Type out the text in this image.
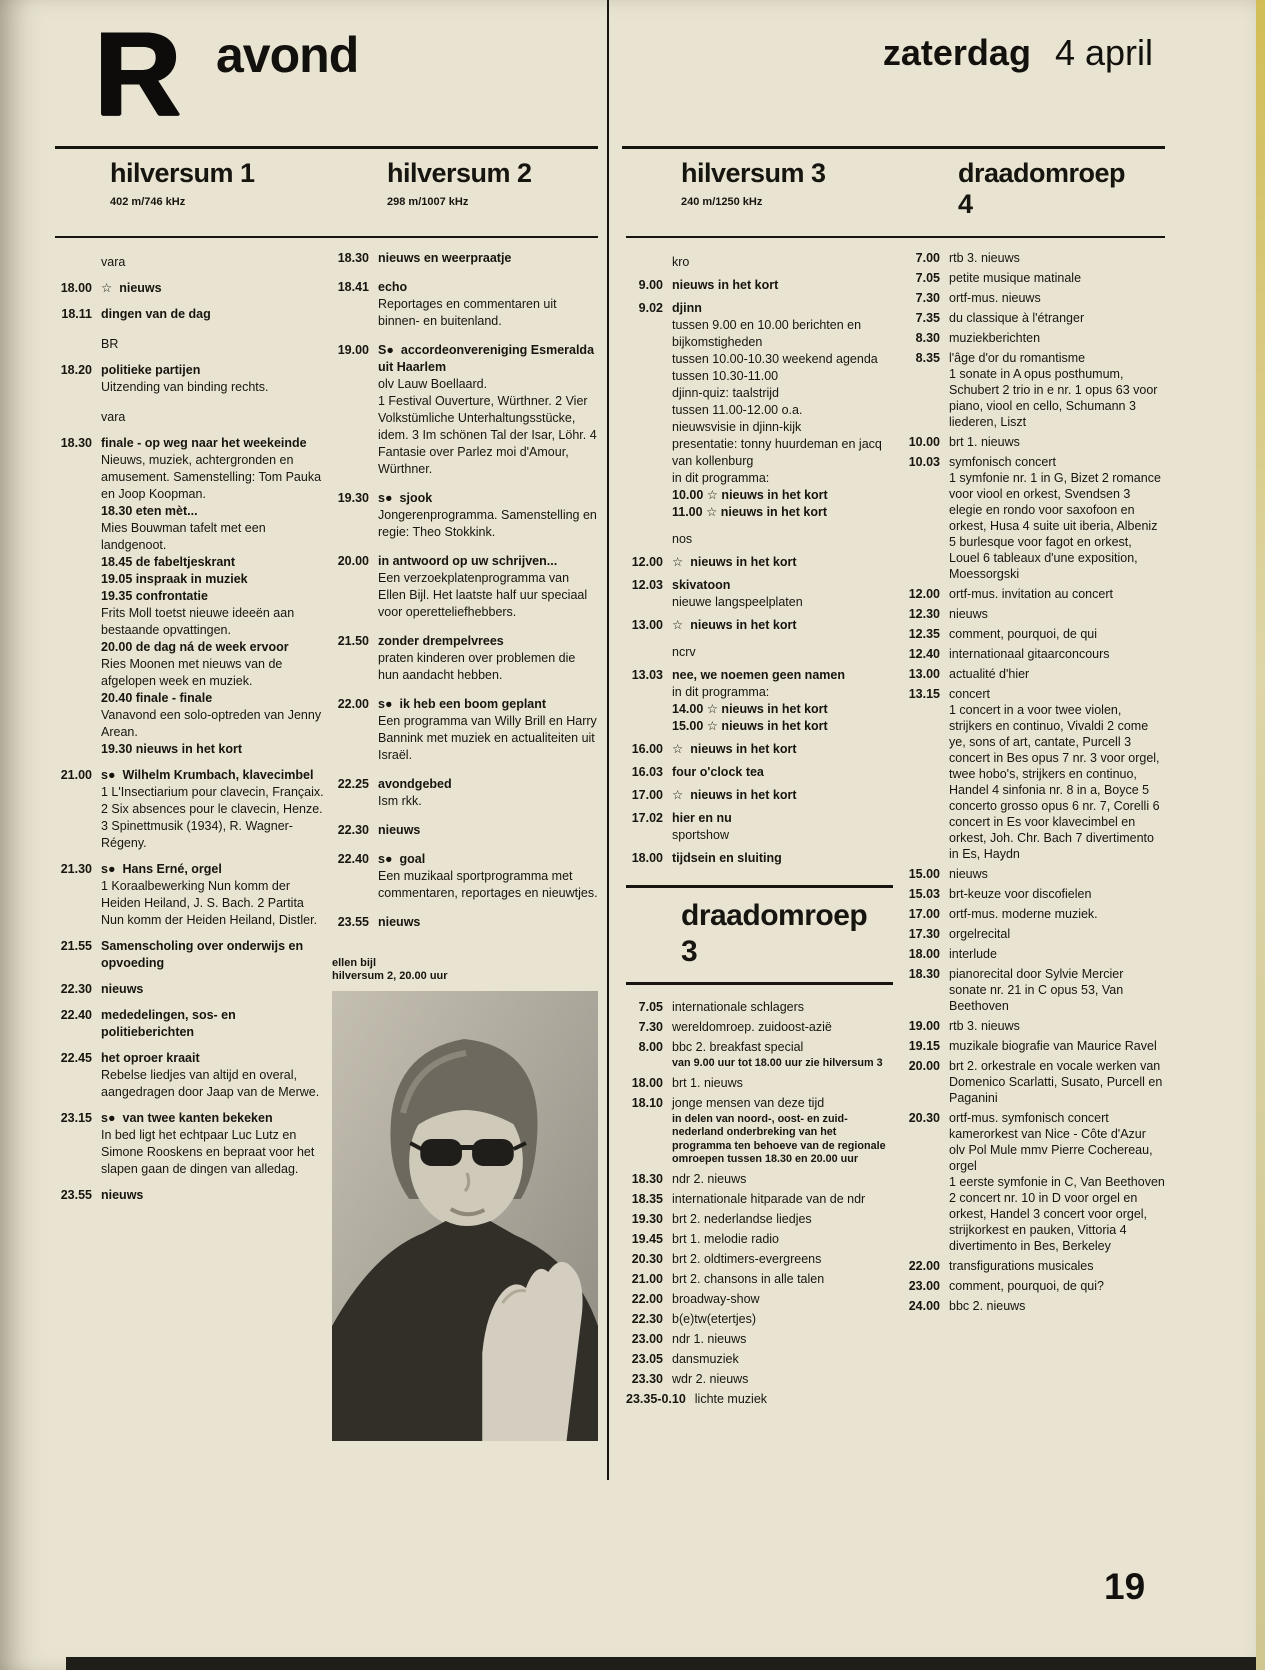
R avond	zaterdag 4 april
hilversum 1
402 m/746 kHz
vara
18.00 ☆ nieuws
18.11 dingen van de dag
BR
18.20 politieke partijen
Uitzending van binding rechts.
vara
18.30 finale - op weg naar het weekeinde
Nieuws, muziek, achtergronden en amusement. Samenstelling: Tom Pauka en Joop Koopman.
18.30 eten mèt...
Mies Bouwman tafelt met een landgenoot.
18.45 de fabeltjeskrant
19.05 inspraak in muziek
19.35 confrontatie
Frits Moll toetst nieuwe ideeën aan bestaande opvattingen.
20.00 de dag ná de week ervoor
Ries Moonen met nieuws van de afgelopen week en muziek.
20.40 finale - finale
Vanavond een solo-optreden van Jenny Arean.
19.30 nieuws in het kort
21.00 s● Wilhelm Krumbach, klavecimbel
1 L'Insectiarium pour clavecin, Françaix. 2 Six absences pour le clavecin, Henze. 3 Spinettmusik (1934), R. Wagner-Régeny.
21.30 s● Hans Erné, orgel
1 Koraalbewerking Nun komm der Heiden Heiland, J. S. Bach. 2 Partita Nun komm der Heiden Heiland, Distler.
21.55 Samenscholing over onderwijs en opvoeding
22.30 nieuws
22.40 mededelingen, sos- en politieberichten
22.45 het oproer kraait
Rebelse liedjes van altijd en overal, aangedragen door Jaap van de Merwe.
23.15 s● van twee kanten bekeken
In bed ligt het echtpaar Luc Lutz en Simone Rooskens en bepraat voor het slapen gaan de dingen van alledag.
23.55 nieuws
hilversum 2
298 m/1007 kHz
18.30 nieuws en weerpraatje
18.41 echo
Reportages en commentaren uit binnen- en buitenland.
19.00 S● accordeonvereniging Esmeralda uit Haarlem
olv Lauw Boellaard.
1 Festival Ouverture, Würthner. 2 Vier Volkstümliche Unterhaltungsstücke, idem. 3 Im schönen Tal der Isar, Löhr. 4 Fantasie over Parlez moi d'Amour, Würthner.
19.30 s● sjook
Jongerenprogramma. Samenstelling en regie: Theo Stokkink.
20.00 in antwoord op uw schrijven...
Een verzoekplatenprogramma van Ellen Bijl. Het laatste half uur speciaal voor operetteliefhebbers.
21.50 zonder drempelvrees
praten kinderen over problemen die hun aandacht hebben.
22.00 s● ik heb een boom geplant
Een programma van Willy Brill en Harry Bannink met muziek en actualiteiten uit Israël.
22.25 avondgebed
Ism rkk.
22.30 nieuws
22.40 s● goal
Een muzikaal sportprogramma met commentaren, reportages en nieuwtjes.
23.55 nieuws
ellen bijl
hilversum 2, 20.00 uur
hilversum 3
240 m/1250 kHz
kro
9.00 nieuws in het kort
9.02 djinn
tussen 9.00 en 10.00 berichten en bijkomstigheden
tussen 10.00-10.30 weekend agenda
tussen 10.30-11.00
djinn-quiz: taalstrijd
tussen 11.00-12.00 o.a.
nieuwsvisie in djinn-kijk
presentatie: tonny huurdeman en jacq van kollenburg
in dit programma:
10.00 ☆ nieuws in het kort
11.00 ☆ nieuws in het kort
nos
12.00 ☆ nieuws in het kort
12.03 skivatoon
nieuwe langspeelplaten
13.00 ☆ nieuws in het kort
ncrv
13.03 nee, we noemen geen namen
in dit programma:
14.00 ☆ nieuws in het kort
15.00 ☆ nieuws in het kort
16.00 ☆ nieuws in het kort
16.03 four o'clock tea
17.00 ☆ nieuws in het kort
17.02 hier en nu
sportshow
18.00 tijdsein en sluiting
draadomroep
3
7.05 internationale schlagers
7.30 wereldomroep. zuidoost-azië
8.00 bbc 2. breakfast special
van 9.00 uur tot 18.00 uur zie hilversum 3
18.00 brt 1. nieuws
18.10 jonge mensen van deze tijd
in delen van noord-, oost- en zuid-nederland onderbreking van het programma ten behoeve van de regionale omroepen tussen 18.30 en 20.00 uur
18.30 ndr 2. nieuws
18.35 internationale hitparade van de ndr
19.30 brt 2. nederlandse liedjes
19.45 brt 1. melodie radio
20.30 brt 2. oldtimers-evergreens
21.00 brt 2. chansons in alle talen
22.00 broadway-show
22.30 b(e)tw(etertjes)
23.00 ndr 1. nieuws
23.05 dansmuziek
23.30 wdr 2. nieuws
23.35-0.10 lichte muziek
draadomroep
4
7.00 rtb 3. nieuws
7.05 petite musique matinale
7.30 ortf-mus. nieuws
7.35 du classique à l'étranger
8.30 muziekberichten
8.35 l'âge d'or du romantisme
1 sonate in A opus posthumum, Schubert 2 trio in e nr. 1 opus 63 voor piano, viool en cello, Schumann 3 liederen, Liszt
10.00 brt 1. nieuws
10.03 symfonisch concert
1 symfonie nr. 1 in G, Bizet 2 romance voor viool en orkest, Svendsen 3 elegie en rondo voor saxofoon en orkest, Husa 4 suite uit iberia, Albeniz 5 burlesque voor fagot en orkest, Louel 6 tableaux d'une exposition, Moessorgski
12.00 ortf-mus. invitation au concert
12.30 nieuws
12.35 comment, pourquoi, de qui
12.40 internationaal gitaarconcours
13.00 actualité d'hier
13.15 concert
1 concert in a voor twee violen, strijkers en continuo, Vivaldi 2 come ye, sons of art, cantate, Purcell 3 concert in Bes opus 7 nr. 3 voor orgel, twee hobo's, strijkers en continuo, Handel 4 sinfonia nr. 8 in a, Boyce 5 concerto grosso opus 6 nr. 7, Corelli 6 concert in Es voor klavecimbel en orkest, Joh. Chr. Bach 7 divertimento in Es, Haydn
15.00 nieuws
15.03 brt-keuze voor discofielen
17.00 ortf-mus. moderne muziek.
17.30 orgelrecital
18.00 interlude
18.30 pianorecital door Sylvie Mercier
sonate nr. 21 in C opus 53, Van Beethoven
19.00 rtb 3. nieuws
19.15 muzikale biografie van Maurice Ravel
20.00 brt 2. orkestrale en vocale werken van Domenico Scarlatti, Susato, Purcell en Paganini
20.30 ortf-mus. symfonisch concert
kamerorkest van Nice - Côte d'Azur olv Pol Mule mmv Pierre Cochereau, orgel
1 eerste symfonie in C, Van Beethoven 2 concert nr. 10 in D voor orgel en orkest, Handel 3 concert voor orgel, strijkorkest en pauken, Vittoria 4 divertimento in Bes, Berkeley
22.00 transfigurations musicales
23.00 comment, pourquoi, de qui?
24.00 bbc 2. nieuws
19
